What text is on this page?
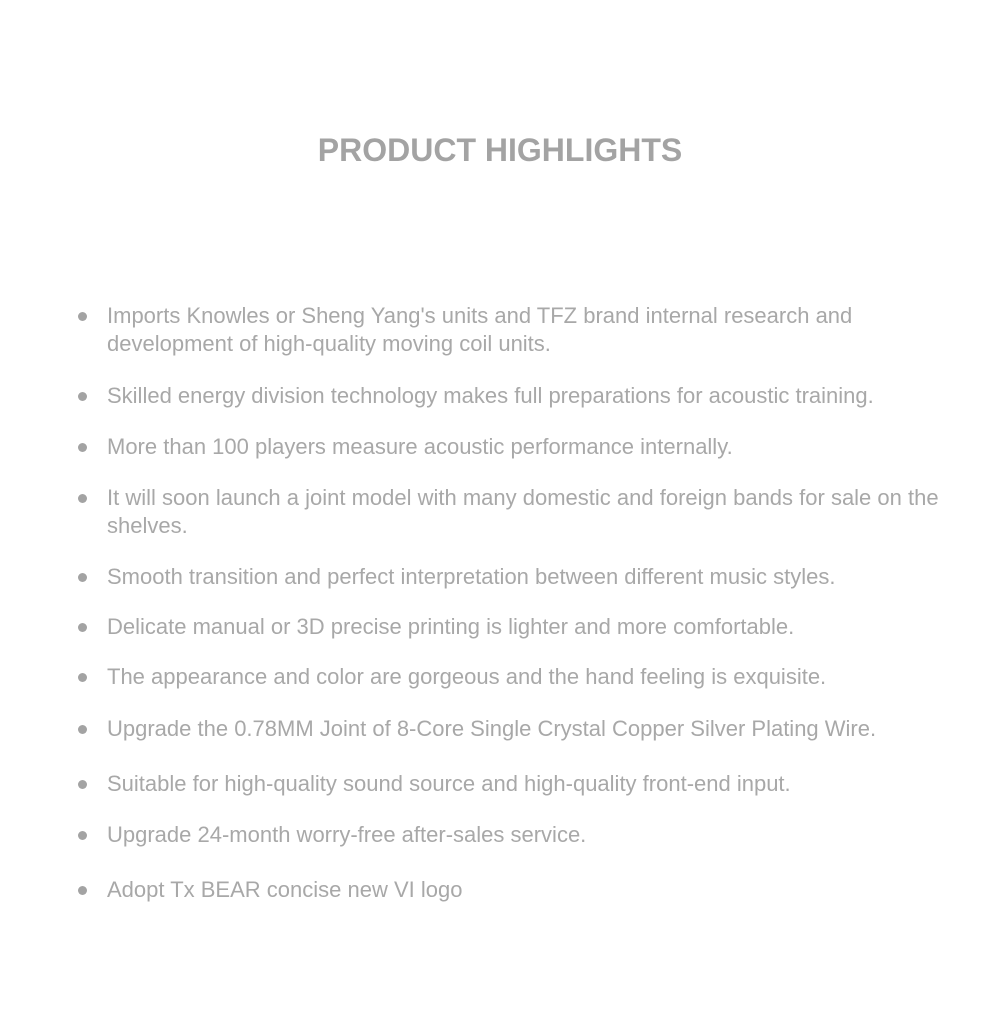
PRODUCT HIGHLIGHTS
Imports Knowles or Sheng Yang's units and TFZ brand internal research and development of high-quality moving coil units.
Skilled energy division technology makes full preparations for acoustic training.
More than 100 players measure acoustic performance internally.
It will soon launch a joint model with many domestic and foreign bands for sale on the shelves.
Smooth transition and perfect interpretation between different music styles.
Delicate manual or 3D precise printing is lighter and more comfortable.
The appearance and color are gorgeous and the hand feeling is exquisite.
Upgrade the 0.78MM Joint of 8-Core Single Crystal Copper Silver Plating Wire.
Suitable for high-quality sound source and high-quality front-end input.
Upgrade 24-month worry-free after-sales service.
Adopt Tx BEAR concise new VI logo
